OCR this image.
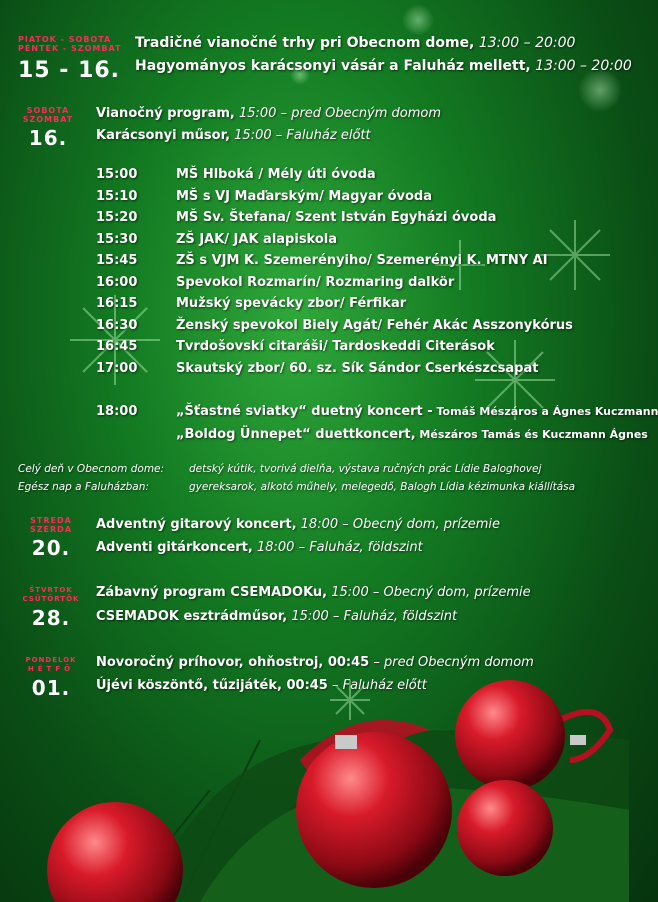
PIATOK - SOBOTA
PÉNTEK - SZOMBAT
15 - 16.
Tradičné vianočné trhy pri Obecnom dome, 13:00 – 20:00
Hagyományos karácsonyi vásár a Faluház mellett, 13:00 – 20:00
SOBOTA
SZOMBAT
16.
Vianočný program, 15:00 – pred Obecným domom
Karácsonyi műsor, 15:00 – Faluház előtt
15:00	MŠ Hlboká / Mély úti óvoda
15:10	MŠ s VJ Maďarským/ Magyar óvoda
15:20	MŠ Sv. Štefana/ Szent István Egyházi óvoda
15:30	ZŠ JAK/ JAK alapiskola
15:45	ZŠ s VJM K. Szemerényiho/ Szemerényi K. MTNY AI
16:00	Spevokol Rozmarín/ Rozmaring dalkör
16:15	Mužský spevácky zbor/ Férfikar
16:30	Ženský spevokol Biely Agát/ Fehér Akác Asszonykórus
16:45	Tvrdošovskí citaráši/ Tardoskeddi Citerások
17:00	Skautský zbor/ 60. sz. Sík Sándor Cserkészcsapat
18:00	„Šťastné sviatky“ duetný koncert - Tomáš Mészáros a Ágnes Kuczmann
„Boldog Ünnepet“ duettkoncert, Mészáros Tamás és Kuczmann Ágnes
Celý deň v Obecnom dome: detský kútik, tvorivá dielňa, výstava ručných prác Lídie Baloghovej
Egész nap a Faluházban:	gyereksarok, alkotó műhely, melegedő, Balogh Lídia kézimunka kiállítása
STREDA
SZERDA
20.
Adventný gitarový koncert, 18:00 – Obecný dom, prízemie
Adventi gitárkoncert, 18:00 – Faluház, földszint
ŠTVRTOK
CSÜTÖRTÖK
28.
Zábavný program CSEMADOKu, 15:00 – Obecný dom, prízemie
CSEMADOK esztrádműsor, 15:00 – Faluház, földszint
PONDELOK
HÉTFŐ
01.
Novoročný príhovor, ohňostroj, 00:45 – pred Obecným domom
Újévi köszöntő, tűzijáték, 00:45 – Faluház előtt
